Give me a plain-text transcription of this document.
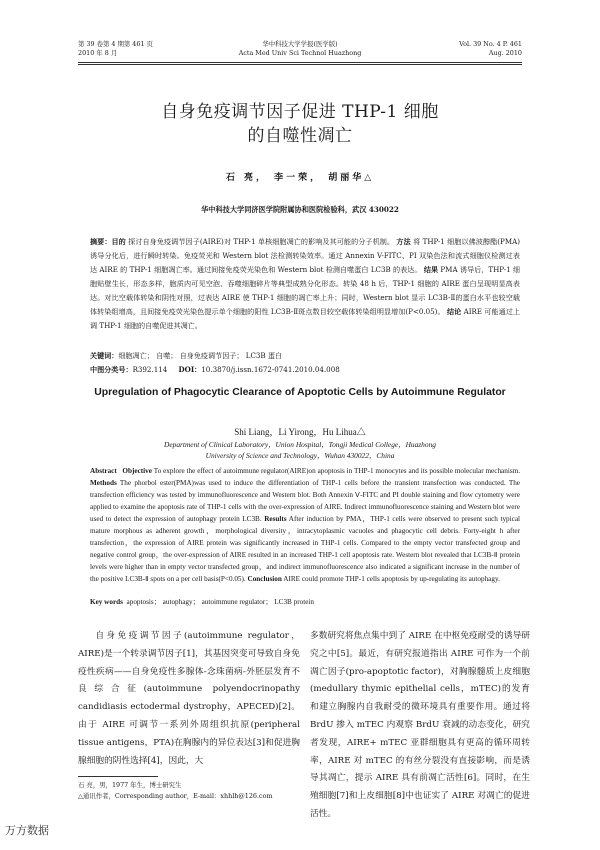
第 39 卷第 4 期第 461 页
2010 年 8 月
华中科技大学学报(医学版)
Acta Med Univ Sci Technol Huazhong
Vol. 39 No. 4 P. 461
Aug. 2010
自身免疫调节因子促进 THP-1 细胞
的自噬性凋亡
石 亮， 李一荣， 胡丽华△
华中科技大学同济医学院附属协和医院检验科，武汉 430022

摘要：目的 探讨自身免疫调节因子(AIRE)对 THP-1 单核细胞凋亡的影响及其可能的分子机制。 方法 将 THP-1 细胞以佛波醇酯(PMA)诱导分化后，进行瞬时转染。免疫荧光和 Western blot 法检测转染效率。通过 Annexin V-FITC、PI 双染色法和流式细胞仪检测过表达 AIRE 的 THP-1 细胞凋亡率。通过间接免疫荧光染色和 Western blot 检测自噬蛋白 LC3B 的表达。 结果 PMA 诱导后，THP-1 细胞贴壁生长，形态多样，胞质内可见空泡、吞噬细胞碎片等典型成熟分化形态。转染 48 h 后，THP-1 细胞的 AIRE 蛋白呈现明显高表达。对比空载体转染和阴性对照，过表达 AIRE 使 THP-1 细胞的凋亡率上升；同时，Western blot 显示 LC3B-Ⅱ的蛋白水平也较空载体转染组增高，且间接免疫荧光染色提示单个细胞的阳性 LC3B-Ⅱ斑点数目较空载体转染组明显增加(P<0.05)。 结论 AIRE 可能通过上调 THP-1 细胞的自噬促进其凋亡。

关键词：细胞凋亡； 自噬； 自身免疫调节因子； LC3B 蛋白
中图分类号：R392.114 DOI：10.3870/j.issn.1672-0741.2010.04.008
Upregulation of Phagocytic Clearance of Apoptotic Cells by Autoimmune Regulator
Shi Liang，Li Yirong，Hu Lihua△
Department of Clinical Laboratory，Union Hospital，Tongji Medical College，Huazhong
University of Science and Technology，Wuhan 430022，China

Abstract Objective To explore the effect of autoimmune regulator(AIRE)on apoptosis in THP-1 monocytes and its possible molecular mechanism. Methods The phorbol ester(PMA)was used to induce the differentiation of THP-1 cells before the transient transfection was conducted. The transfection efficiency was tested by immunofluorescence and Western blot. Both Annexin Ⅴ-FITC and PI double staining and flow cytometry were applied to examine the apoptosis rate of THP-1 cells with the over-expression of AIRE. Indirect immunofluorescence staining and Western blot were used to detect the expression of autophagy protein LC3B. Results After induction by PMA，THP-1 cells were observed to present such typical mature morphous as adherent growth，morphological diversity，intracytoplasmic vacuoles and phagocytic cell debris. Forty-eight h after transfection，the expression of AIRE protein was significantly increased in THP-1 cells. Compared to the empty vector transfected group and negative control group，the over-expression of AIRE resulted in an increased THP-1 cell apoptosis rate. Western blot revealed that LC3B-Ⅱ protein levels were higher than in empty vector transfected group，and indirect immunofluorescence also indicated a significant increase in the number of the positive LC3B-Ⅱ spots on a per cell basis(P<0.05). Conclusion AIRE could promote THP-1 cells apoptosis by up-regulating its autophagy.

Key words apoptosis； autophagy； autoimmune regulator； LC3B protein

自身免疫调节因子(autoimmune regulator，AIRE)是一个转录调节因子[1]，其基因突变可导致自身免疫性疾病——自身免疫性多腺体-念珠菌病-外胚层发育不良综合征(autoimmune polyendocrinopathy candidiasis ectodermal dystrophy，APECED)[2]。由于 AIRE 可调节一系列外周组织抗原(peripheral tissue antigens，PTA)在胸腺内的异位表达[3]和促进胸腺细胞的阴性选择[4]，因此，大

多数研究将焦点集中到了 AIRE 在中枢免疫耐受的诱导研究之中[5]。最近，有研究报道指出 AIRE 可作为一个前凋亡因子(pro-apoptotic factor)，对胸腺髓质上皮细胞(medullary thymic epithelial cells，mTEC)的发育和建立胸腺内自我耐受的微环境具有重要作用。通过将 BrdU 掺入 mTEC 内观察 BrdU 衰减的动态变化，研究者发现，AIRE+ mTEC 亚群细胞具有更高的循环周转率，AIRE 对 mTEC 的有丝分裂没有直接影响，而是诱导其凋亡，提示 AIRE 具有前凋亡活性[6]。同时，在生殖细胞[7]和上皮细胞[8]中也证实了 AIRE 对凋亡的促进活性。

石 亮，男，1977 年生，博士研究生
△通讯作者，Corresponding author，E-mail：xhhlh@126.com
万方数据
